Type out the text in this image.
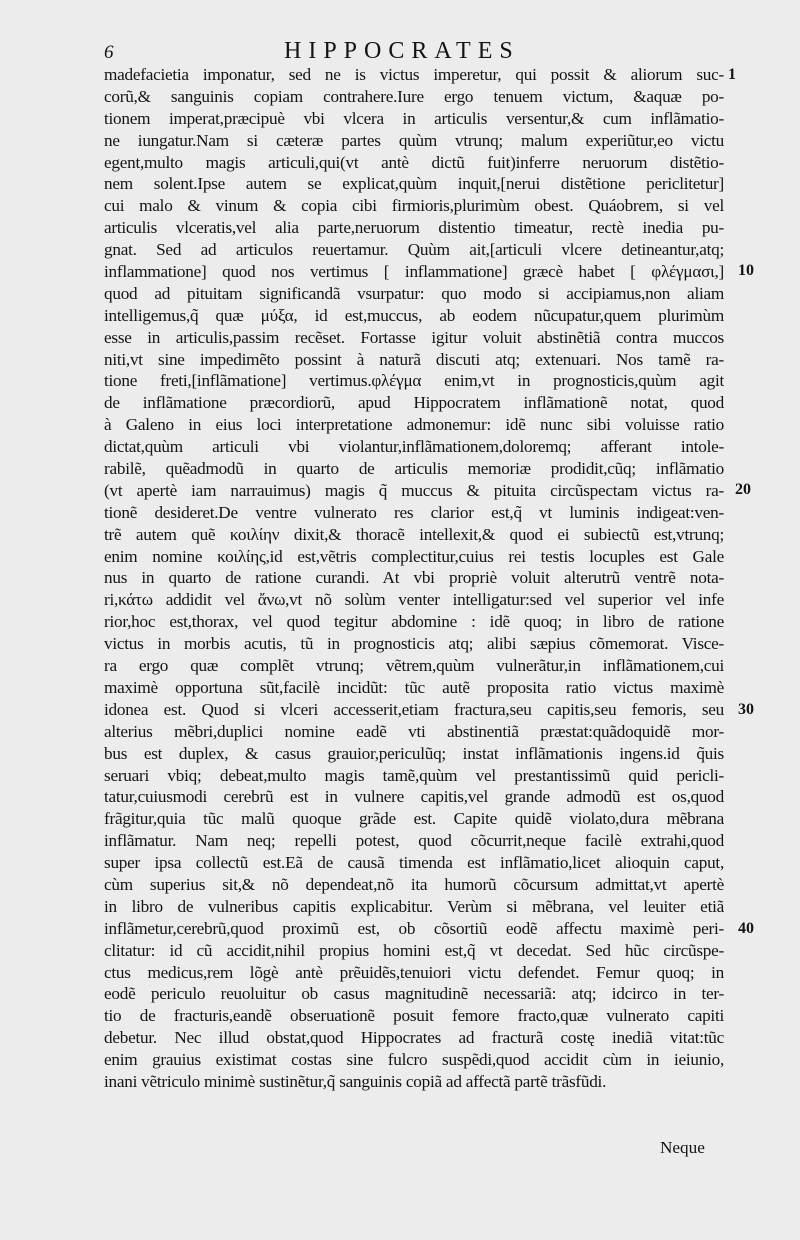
6	HIPPOCRATES
madefacietia imponatur, sed ne is victus imperetur, qui possit & aliorum suc-
corũ,& sanguinis copiam contrahere.Iure ergo tenuem victum, &aquæ po-
tionem imperat,præcipuè vbi vlcera in articulis versentur,& cum inflãmatio-
ne iungatur.Nam si cæteræ partes quùm vtrunq; malum experiũtur,eo victu
egent,multo magis articuli,qui(vt antè dictũ fuit)inferre neruorum distẽtio-
nem solent.Ipse autem se explicat,quùm inquit,[nerui distẽtione periclitetur]
cui malo & vinum & copia cibi firmioris,plurimùm obest. Quáobrem, si vel
articulis vlceratis,vel alia parte,neruorum distentio timeatur, rectè inedia pu-
gnat. Sed ad articulos reuertamur. Quùm ait,[articuli vlcere detineantur,atq;
inflammatione] quod nos vertimus [ inflammatione] græcè habet [ φλέγμασι,]
quod ad pituitam significandã vsurpatur: quo modo si accipiamus,non aliam
intelligemus,q̃ quæ μύξα, id est,muccus, ab eodem nũcupatur,quem plurimùm
esse in articulis,passim recẽset. Fortasse igitur voluit abstinẽtiã contra muccos
niti,vt sine impedimẽto possint à naturã discuti atq; extenuari. Nos tamẽ ra-
tione freti,[inflãmatione] vertimus.φλέγμα enim,vt in prognosticis,quùm agit
de inflãmatione præcordiorũ, apud Hippocratem inflãmationẽ notat, quod
à Galeno in eius loci interpretatione admonemur: idẽ nunc sibi voluisse ratio
dictat,quùm articuli vbi violantur,inflãmationem,doloremq; afferant intole-
rabilẽ, quẽadmodũ in quarto de articulis memoriæ prodidit,cũq; inflãmatio
(vt apertè iam narrauimus) magis q̃ muccus & pituita circũspectam victus ra-
tionẽ desideret.De ventre vulnerato res clarior est,q̃ vt luminis indigeat:ven-
trẽ autem quẽ κοιλίην dixit,& thoracẽ intellexit,& quod ei subiectũ est,vtrunq;
enim nomine κοιλίης,id est,vẽtris complectitur,cuius rei testis locuples est Gale
nus in quarto de ratione curandi. At vbi propriè voluit alterutrũ ventrẽ nota-
ri,κάτω addidit vel ἄνω,vt nõ solùm venter intelligatur:sed vel superior vel infe
rior,hoc est,thorax, vel quod tegitur abdomine : idẽ quoq; in libro de ratione
victus in morbis acutis, tũ in prognosticis atq; alibi sæpius cõmemorat. Visce-
ra ergo quæ complẽt vtrunq; vẽtrem,quùm vulnerãtur,in inflãmationem,cui
maximè opportuna sũt,facilè incidũt: tũc autẽ proposita ratio victus maximè
idonea est. Quod si vlceri accesserit,etiam fractura,seu capitis,seu femoris, seu
alterius mẽbri,duplici nomine eadẽ vti abstinentiã præstat:quãdoquidẽ mor-
bus est duplex, & casus grauior,periculũq; instat inflãmationis ingens.id q̃uis
seruari vbiq; debeat,multo magis tamẽ,quùm vel prestantissimũ quid pericli-
tatur,cuiusmodi cerebrũ est in vulnere capitis,vel grande admodũ est os,quod
frãgitur,quia tũc malũ quoque grãde est. Capite quidẽ violato,dura mẽbrana
inflãmatur. Nam neq; repelli potest, quod cõcurrit,neque facilè extrahi,quod
super ipsa collectũ est.Eã de causã timenda est inflãmatio,licet alioquin caput,
cùm superius sit,& nõ dependeat,nõ ita humorũ cõcursum admittat,vt apertè
in libro de vulneribus capitis explicabitur. Verùm si mẽbrana, vel leuiter etiã
inflãmetur,cerebrũ,quod proximũ est, ob cõsortiũ eodẽ affectu maximè peri-
clitatur: id cũ accidit,nihil propius homini est,q̃ vt decedat. Sed hũc circũspe-
ctus medicus,rem lõgè antè prẽuidẽs,tenuiori victu defendet. Femur quoq; in
eodẽ periculo reuoluitur ob casus magnitudinẽ necessariã: atq; idcirco in ter-
tio de fracturis,eandẽ obseruationẽ posuit femore fracto,quæ vulnerato capiti
debetur. Nec illud obstat,quod Hippocrates ad fracturã costę inediã vitat:tũc
enim grauius existimat costas sine fulcro suspẽdi,quod accidit cùm in ieiunio,
inani vẽtriculo minimè sustinẽtur,q̃ sanguinis copiã ad affectã partẽ trãsfũdi.
1
10
20
30
40
Neque
